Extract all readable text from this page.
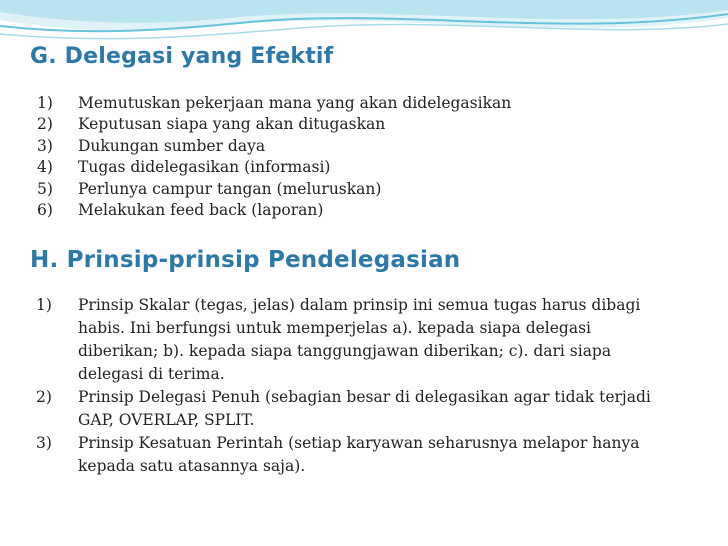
G. Delegasi yang Efektif
1) Memutuskan pekerjaan mana yang akan didelegasikan
2) Keputusan siapa yang akan ditugaskan
3) Dukungan sumber daya
4) Tugas didelegasikan (informasi)
5) Perlunya campur tangan (meluruskan)
6) Melakukan feed back (laporan)
H. Prinsip-prinsip Pendelegasian
1) Prinsip Skalar (tegas, jelas) dalam prinsip ini semua tugas harus dibagi habis. Ini berfungsi untuk memperjelas a). kepada siapa delegasi diberikan; b). kepada siapa tanggungjawan diberikan; c). dari siapa delegasi di terima.
2) Prinsip Delegasi Penuh (sebagian besar di delegasikan agar tidak terjadi GAP, OVERLAP, SPLIT.
3) Prinsip Kesatuan Perintah (setiap karyawan seharusnya melapor hanya kepada satu atasannya saja).
